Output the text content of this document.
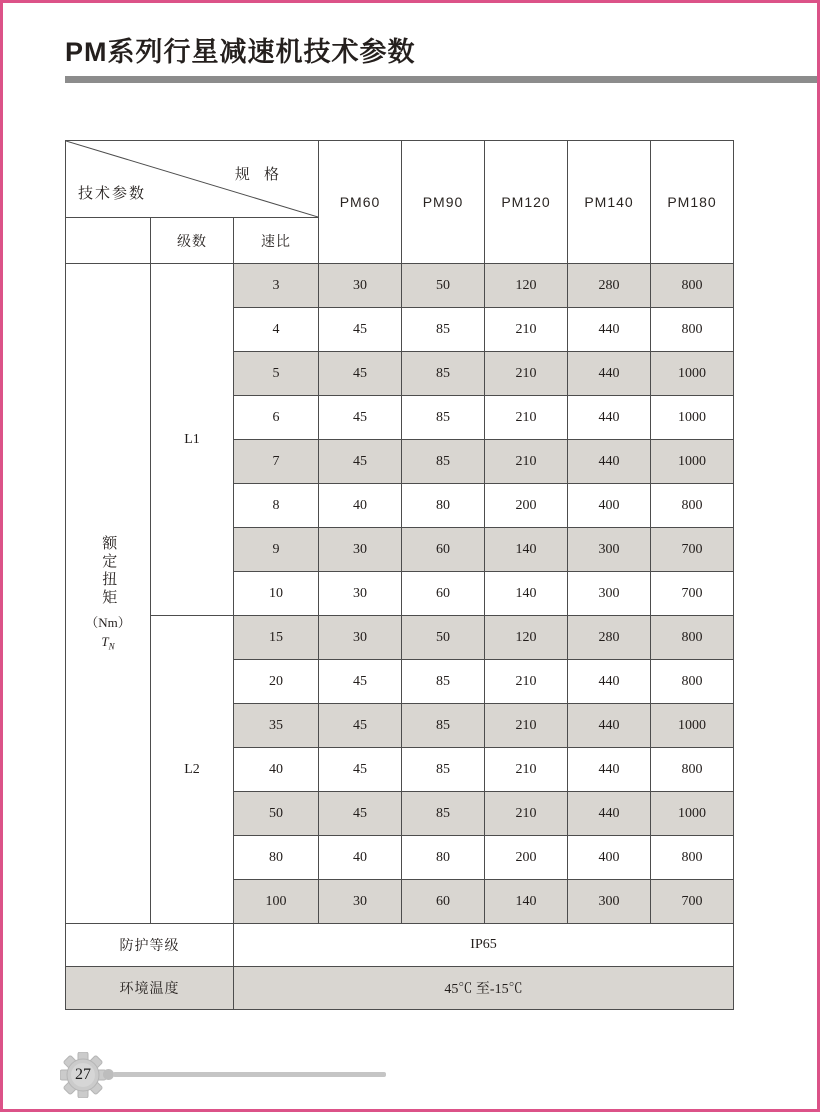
PM系列行星减速机技术参数
规 格
技术参数			PM60	PM90	PM120	PM140	PM180
	级数	速比					

额定扭矩
（Nm）
$T_N$	L1	3	30	50	120	280	800
		4	45	85	210	440	800
		5	45	85	210	440	1000
		6	45	85	210	440	1000
		7	45	85	210	440	1000
		8	40	80	200	400	800
		9	30	60	140	300	700
		10	30	60	140	300	700
	L2	15	30	50	120	280	800
		20	45	85	210	440	800
		35	45	85	210	440	1000
		40	45	85	210	440	800
		50	45	85	210	440	1000
		80	40	80	200	400	800
		100	30	60	140	300	700
防护等级		IP65					
环境温度		45℃ 至-15℃					
27
